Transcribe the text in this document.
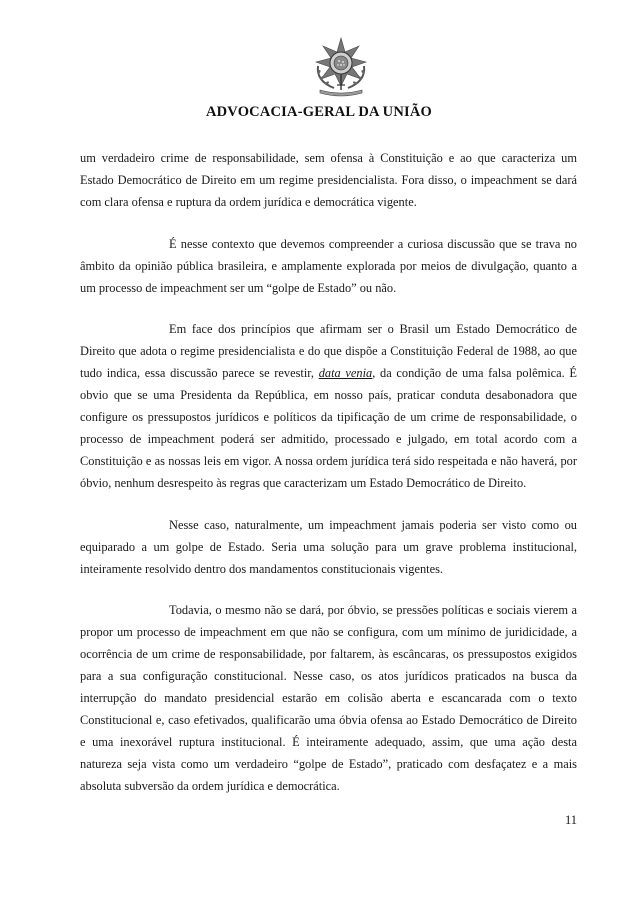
ADVOCACIA-GERAL DA UNIÃO

um verdadeiro crime de responsabilidade, sem ofensa à Constituição e ao que caracteriza um Estado Democrático de Direito em um regime presidencialista. Fora disso, o impeachment se dará com clara ofensa e ruptura da ordem jurídica e democrática vigente.

É nesse contexto que devemos compreender a curiosa discussão que se trava no âmbito da opinião pública brasileira, e amplamente explorada por meios de divulgação, quanto a um processo de impeachment ser um “golpe de Estado” ou não.

Em face dos princípios que afirmam ser o Brasil um Estado Democrático de Direito que adota o regime presidencialista e do que dispõe a Constituição Federal de 1988, ao que tudo indica, essa discussão parece se revestir, data venia, da condição de uma falsa polêmica. É obvio que se uma Presidenta da República, em nosso país, praticar conduta desabonadora que configure os pressupostos jurídicos e políticos da tipificação de um crime de responsabilidade, o processo de impeachment poderá ser admitido, processado e julgado, em total acordo com a Constituição e as nossas leis em vigor. A nossa ordem jurídica terá sido respeitada e não haverá, por óbvio, nenhum desrespeito às regras que caracterizam um Estado Democrático de Direito.

Nesse caso, naturalmente, um impeachment jamais poderia ser visto como ou equiparado a um golpe de Estado. Seria uma solução para um grave problema institucional, inteiramente resolvido dentro dos mandamentos constitucionais vigentes.

Todavia, o mesmo não se dará, por óbvio, se pressões políticas e sociais vierem a propor um processo de impeachment em que não se configura, com um mínimo de juridicidade, a ocorrência de um crime de responsabilidade, por faltarem, às escâncaras, os pressupostos exigidos para a sua configuração constitucional. Nesse caso, os atos jurídicos praticados na busca da interrupção do mandato presidencial estarão em colisão aberta e escancarada com o texto Constitucional e, caso efetivados, qualificarão uma óbvia ofensa ao Estado Democrático de Direito e uma inexorável ruptura institucional. É inteiramente adequado, assim, que uma ação desta natureza seja vista como um verdadeiro “golpe de Estado”, praticado com desfaçatez e a mais absoluta subversão da ordem jurídica e democrática.

11
